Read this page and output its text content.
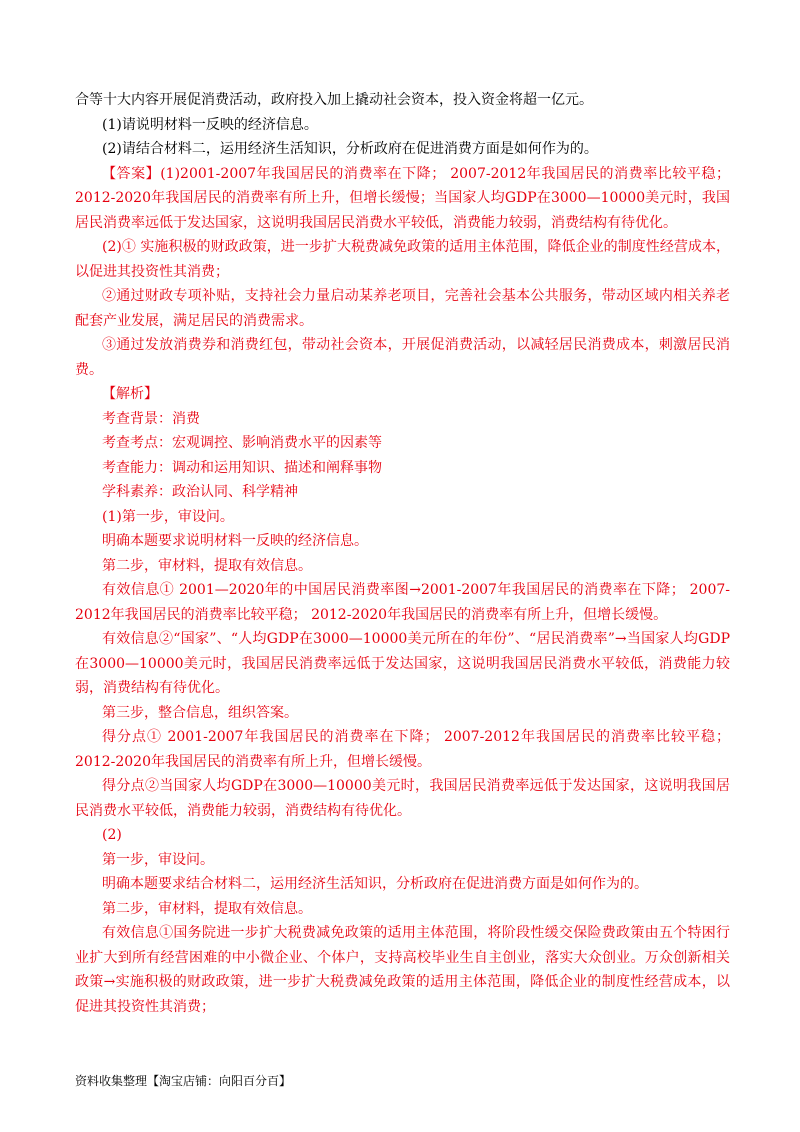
合等十大内容开展促消费活动，政府投入加上撬动社会资本，投入资金将超一亿元。

(1)请说明材料一反映的经济信息。

(2)请结合材料二，运用经济生活知识，分析政府在促进消费方面是如何作为的。

【答案】(1)2001-2007年我国居民的消费率在下降； 2007-2012年我国居民的消费率比较平稳；2012-2020年我国居民的消费率有所上升，但增长缓慢；当国家人均GDP在3000—10000美元时，我国居民消费率远低于发达国家，这说明我国居民消费水平较低，消费能力较弱，消费结构有待优化。

(2)① 实施积极的财政政策，进一步扩大税费减免政策的适用主体范围，降低企业的制度性经营成本，以促进其投资性其消费；

②通过财政专项补贴，支持社会力量启动某养老项目，完善社会基本公共服务，带动区域内相关养老配套产业发展，满足居民的消费需求。

③通过发放消费券和消费红包，带动社会资本，开展促消费活动，以减轻居民消费成本，刺激居民消费。

【解析】

考查背景：消费

考查考点：宏观调控、影响消费水平的因素等

考查能力：调动和运用知识、描述和阐释事物

学科素养：政治认同、科学精神

(1)第一步，审设问。

明确本题要求说明材料一反映的经济信息。

第二步，审材料，提取有效信息。

有效信息① 2001—2020年的中国居民消费率图→2001-2007年我国居民的消费率在下降； 2007-2012年我国居民的消费率比较平稳； 2012-2020年我国居民的消费率有所上升，但增长缓慢。

有效信息②“国家”、“人均GDP在3000—10000美元所在的年份”、“居民消费率”→当国家人均GDP在3000—10000美元时，我国居民消费率远低于发达国家，这说明我国居民消费水平较低，消费能力较弱，消费结构有待优化。

第三步，整合信息，组织答案。

得分点① 2001-2007年我国居民的消费率在下降； 2007-2012年我国居民的消费率比较平稳； 2012-2020年我国居民的消费率有所上升，但增长缓慢。

得分点②当国家人均GDP在3000—10000美元时，我国居民消费率远低于发达国家，这说明我国居民消费水平较低，消费能力较弱，消费结构有待优化。

(2)

第一步，审设问。

明确本题要求结合材料二，运用经济生活知识，分析政府在促进消费方面是如何作为的。

第二步，审材料，提取有效信息。

有效信息①国务院进一步扩大税费减免政策的适用主体范围，将阶段性缓交保险费政策由五个特困行业扩大到所有经营困难的中小微企业、个体户，支持高校毕业生自主创业，落实大众创业。万众创新相关政策→实施积极的财政政策，进一步扩大税费减免政策的适用主体范围，降低企业的制度性经营成本，以促进其投资性其消费；

资料收集整理【淘宝店铺：向阳百分百】
